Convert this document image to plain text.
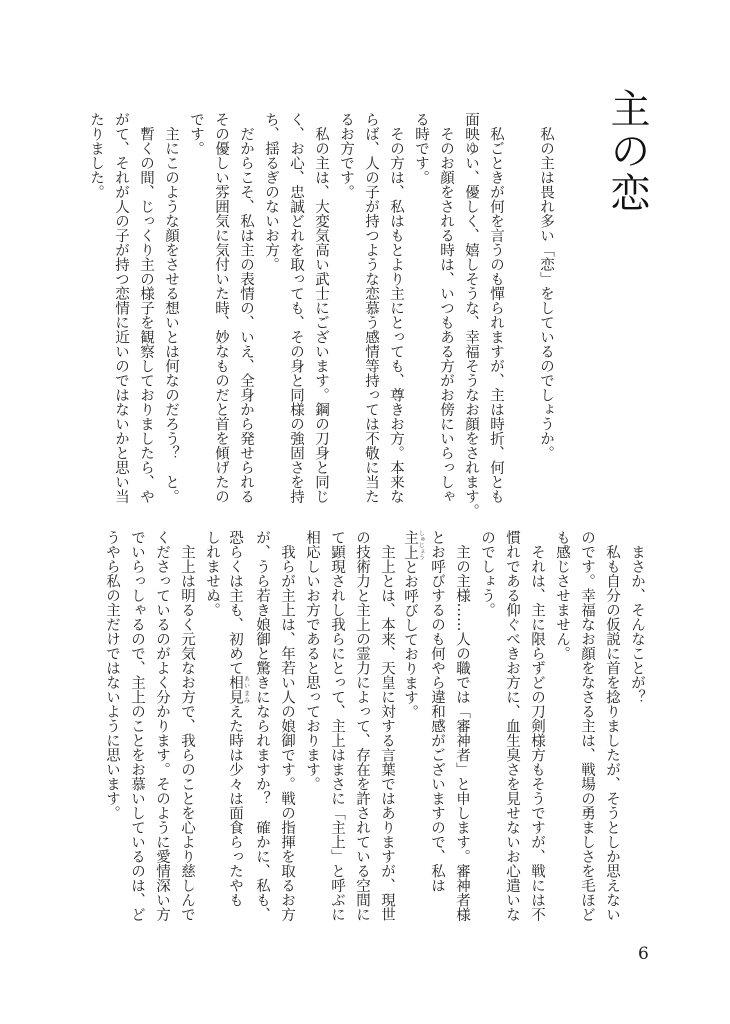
主の恋
　私の主は畏れ多い「恋」をしているのでしょうか。
　私ごときが何を言うのも憚られますが、主は時折、何とも
面映ゆい、優しく、嬉しそうな、幸福そうなお顔をされます。
　そのお顔をされる時は、いつもある方がお傍にいらっしゃ
る時です。
　その方は、私はもとより主にとっても、尊きお方。本来な
らば、人の子が持つような恋慕う感情等持っては不敬に当た
るお方です。
　私の主は、大変気高い武士にございます。鋼の刀身と同じ
く、お心、忠誠どれを取っても、その身と同様の強固さを持
ち、揺るぎのないお方。
　だからこそ、私は主の表情の、いえ、全身から発せられる
その優しい雰囲気に気付いた時、妙なものだと首を傾げたの
です。
　主にこのような顔をさせる想いとは何なのだろう？　と。
　暫くの間、じっくり主の様子を観察しておりましたら、や
がて、それが人の子が持つ恋情に近いのではないかと思い当
たりました。
　まさか、そんなことが？
　私も自分の仮説に首を捻りましたが、そうとしか思えない
のです。幸福なお顔をなさる主は、戦場の勇ましさを毛ほど
も感じさせません。
　それは、主に限らずどの刀剣様方もそうですが、戦には不
慣れである仰ぐべきお方に、血生臭さを見せないお心遣いな
のでしょう。
　主の主様……人の職では「審神者」と申します。審神者様
とお呼びするのも何やら違和感がございますので、私は
主上 しゅじょうとお呼びしております。
　主上とは、本来、天皇に対する言葉ではありますが、現世
の技術力と主上の霊力によって、存在を許されている空間に
て顕現されし我らにとって、主上はまさに「主上」と呼ぶに
相応しいお方であると思っております。
　我らが主上は、年若い人の娘御です。戦の指揮を取るお方
が、うら若き娘御と驚きになられますか？　確かに、私も、
恐らくは主も、初めて相見 あいまみえた時は少々は面食らったやも
しれませぬ。
　主上は明るく元気なお方で、我らのことを心より慈しんで
くださっているのがよく分かります。そのように愛情深い方
でいらっしゃるので、主上のことをお慕いしているのは、ど
うやら私の主だけではないように思います。
6
